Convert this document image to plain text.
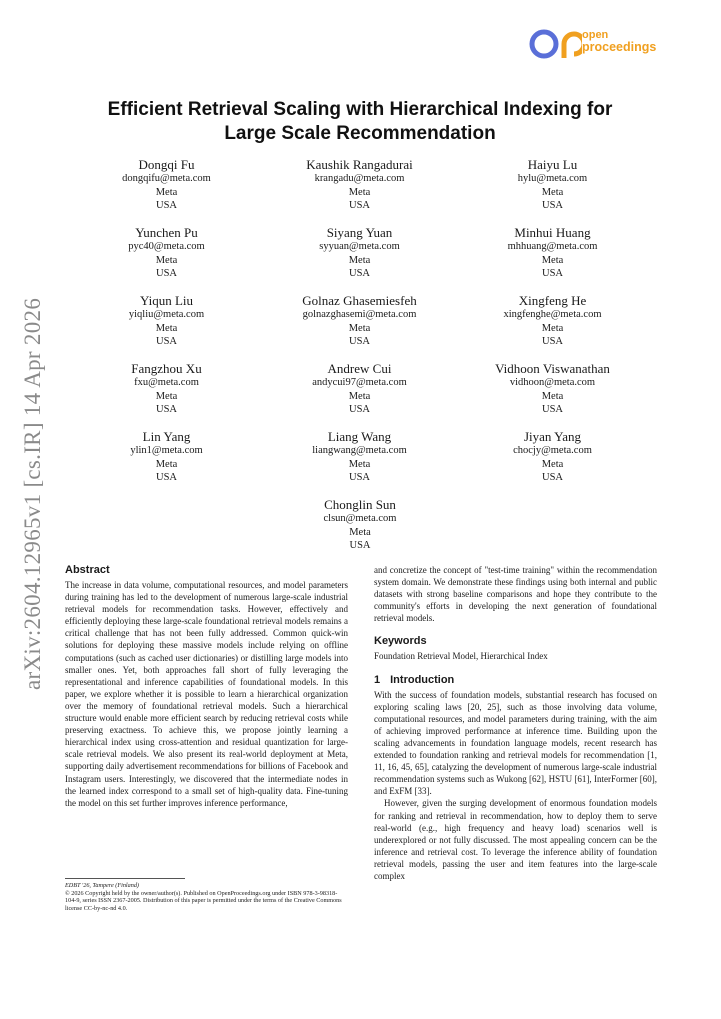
open
proceedings
arXiv:2604.12965v1 [cs.IR] 14 Apr 2026
Efficient Retrieval Scaling with Hierarchical Indexing for
Large Scale Recommendation
Dongqi Fu
dongqifu@meta.com
Meta
USA
Kaushik Rangadurai
krangadu@meta.com
Meta
USA
Haiyu Lu
hylu@meta.com
Meta
USA
Yunchen Pu
pyc40@meta.com
Meta
USA
Siyang Yuan
syyuan@meta.com
Meta
USA
Minhui Huang
mhhuang@meta.com
Meta
USA
Yiqun Liu
yiqliu@meta.com
Meta
USA
Golnaz Ghasemiesfeh
golnazghasemi@meta.com
Meta
USA
Xingfeng He
xingfenghe@meta.com
Meta
USA
Fangzhou Xu
fxu@meta.com
Meta
USA
Andrew Cui
andycui97@meta.com
Meta
USA
Vidhoon Viswanathan
vidhoon@meta.com
Meta
USA
Lin Yang
ylin1@meta.com
Meta
USA
Liang Wang
liangwang@meta.com
Meta
USA
Jiyan Yang
chocjy@meta.com
Meta
USA
Chonglin Sun
clsun@meta.com
Meta
USA
Abstract

The increase in data volume, computational resources, and model parameters during training has led to the development of numerous large-scale industrial retrieval models for recommendation tasks. However, effectively and efficiently deploying these large-scale foundational retrieval models remains a critical challenge that has not been fully addressed. Common quick-win solutions for deploying these massive models include relying on offline computations (such as cached user dictionaries) or distilling large models into smaller ones. Yet, both approaches fall short of fully leveraging the representational and inference capabilities of foundational models. In this paper, we explore whether it is possible to learn a hierarchical organization over the memory of foundational retrieval models. Such a hierarchical structure would enable more efficient search by reducing retrieval costs while preserving exactness. To achieve this, we propose jointly learning a hierarchical index using cross-attention and residual quantization for large-scale retrieval models. We also present its real-world deployment at Meta, supporting daily advertisement recommendations for billions of Facebook and Instagram users. Interestingly, we discovered that the intermediate nodes in the learned index correspond to a small set of high-quality data. Fine-tuning the model on this set further improves inference performance,

and concretize the concept of "test-time training" within the recommendation system domain. We demonstrate these findings using both internal and public datasets with strong baseline comparisons and hope they contribute to the community's efforts in developing the next generation of foundational retrieval models.

Keywords

Foundation Retrieval Model, Hierarchical Index

1 Introduction

With the success of foundation models, substantial research has focused on exploring scaling laws [20, 25], such as those involving data volume, computational resources, and model parameters during training, with the aim of achieving improved performance at inference time. Building upon the scaling advancements in foundation language models, recent research has extended to foundation ranking and retrieval models for recommendation [1, 11, 16, 45, 65], catalyzing the development of numerous large-scale industrial recommendation systems such as Wukong [62], HSTU [61], InterFormer [60], and ExFM [33].

However, given the surging development of enormous foundation models for ranking and retrieval in recommendation, how to deploy them to serve real-world (e.g., high frequency and heavy load) scenarios well is underexplored or not fully discussed. The most appealing concern can be the inference and retrieval cost. To leverage the inference ability of foundation retrieval models, passing the user and item features into the large-scale complex

EDBT '26, Tampere (Finland)
© 2026 Copyright held by the owner/author(s). Published on OpenProceedings.org under ISBN 978-3-98318-104-9, series ISSN 2367-2005. Distribution of this paper is permitted under the terms of the Creative Commons license CC-by-nc-nd 4.0.
